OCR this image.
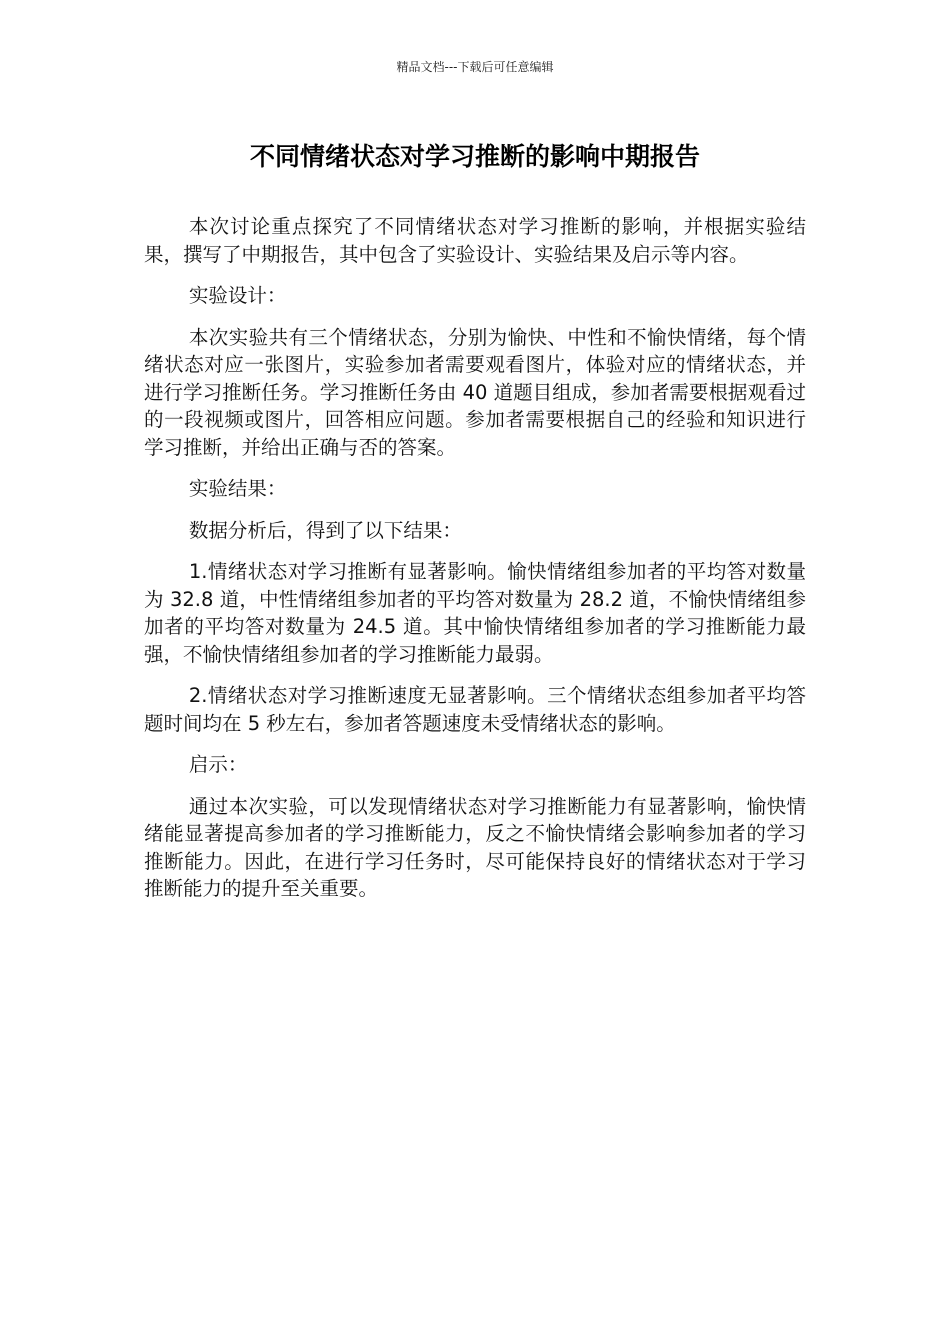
精品文档---下载后可任意编辑
不同情绪状态对学习推断的影响中期报告

本次讨论重点探究了不同情绪状态对学习推断的影响，并根据实验结果，撰写了中期报告，其中包含了实验设计、实验结果及启示等内容。

实验设计：

本次实验共有三个情绪状态，分别为愉快、中性和不愉快情绪，每个情绪状态对应一张图片，实验参加者需要观看图片，体验对应的情绪状态，并进行学习推断任务。学习推断任务由 40 道题目组成，参加者需要根据观看过的一段视频或图片，回答相应问题。参加者需要根据自己的经验和知识进行学习推断，并给出正确与否的答案。

实验结果：

数据分析后，得到了以下结果：

1.情绪状态对学习推断有显著影响。愉快情绪组参加者的平均答对数量为 32.8 道，中性情绪组参加者的平均答对数量为 28.2 道，不愉快情绪组参加者的平均答对数量为 24.5 道。其中愉快情绪组参加者的学习推断能力最强，不愉快情绪组参加者的学习推断能力最弱。

2.情绪状态对学习推断速度无显著影响。三个情绪状态组参加者平均答题时间均在 5 秒左右，参加者答题速度未受情绪状态的影响。

启示：

通过本次实验，可以发现情绪状态对学习推断能力有显著影响，愉快情绪能显著提高参加者的学习推断能力，反之不愉快情绪会影响参加者的学习推断能力。因此，在进行学习任务时，尽可能保持良好的情绪状态对于学习推断能力的提升至关重要。
